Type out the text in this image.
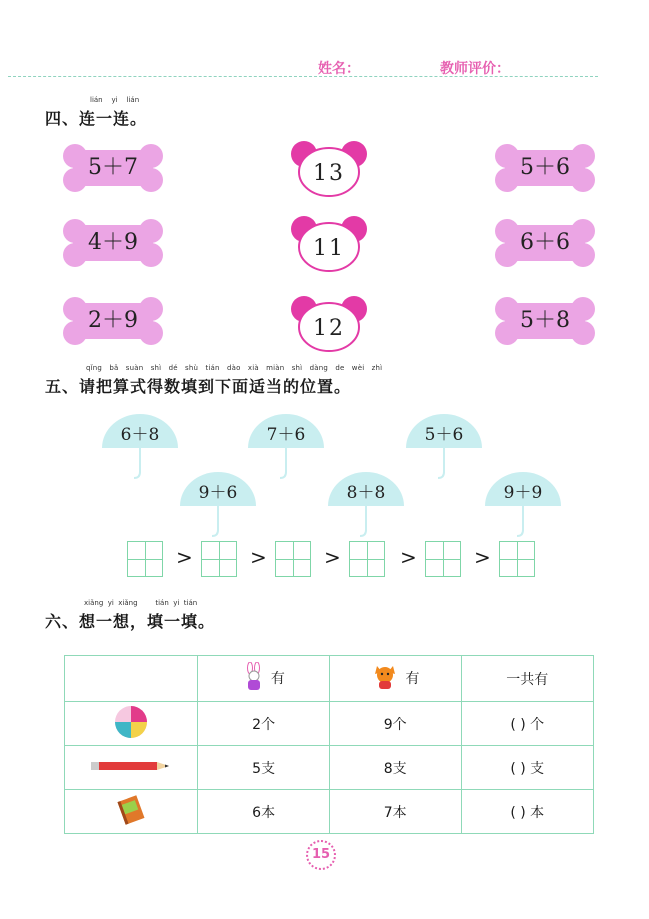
姓名：	教师评价：
lián yi lián
四、连一连。
5＋7
4＋9
2＋9
13
11
12
5＋6
6＋6
5＋8
qǐng bǎ suàn shì dé shù tián dào xià miàn shì dàng de wèi zhì
五、请把算式得数填到下面适当的位置。
6＋8	7＋6	5＋6
9＋6	8＋8	9＋9
>	>	>	>	>
xiǎng yi xiǎng	tián yi tián
六、想一想，填一填。
	有	有	一共有
	2个	9个	( ) 个
	5支	8支	( ) 支
	6本	7本	( ) 本
15
